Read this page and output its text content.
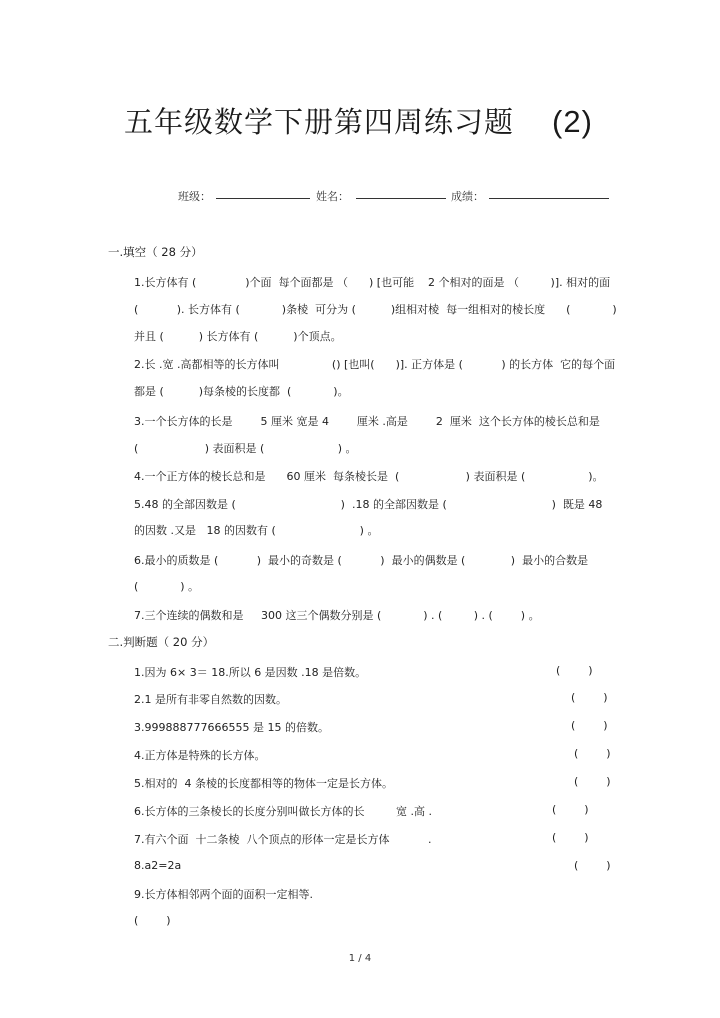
五年级数学下册第四周练习题 (2)
班级：	姓名：	成绩：
一.填空（ 28 分）
1.长方体有 (              )个面  每个面都是 （      ) [也可能    2 个相对的面是 （         )]. 相对的面
(           ). 长方体有 (            )条棱  可分为 (          )组相对棱  每一组相对的棱长度      (            )
并且 (          ) 长方体有 (          )个顶点。
2.长 .宽 .高都相等的长方体叫               () [也叫(      )]. 正方体是 (           ) 的长方体  它的每个面
都是 (          )每条棱的长度都  (            )。
3.一个长方体的长是        5 厘米 宽是 4        厘米 .高是        2  厘米  这个长方体的棱长总和是
(                   ) 表面积是 (                     ) 。
4.一个正方体的棱长总和是      60 厘米  每条棱长是  (                   ) 表面积是 (                  )。
5.48 的全部因数是 (                              )  .18 的全部因数是 (                              )  既是 48
的因数 .又是   18 的因数有 (                        ) 。
6.最小的质数是 (           )  最小的奇数是 (           )  最小的偶数是 (             )  最小的合数是
(            ) 。
7.三个连续的偶数和是     300 这三个偶数分别是 (            ) . (         ) . (        ) 。
二.判断题（ 20 分）
1.因为 6× 3＝ 18.所以 6 是因数 .18 是倍数。	(        )
2.1 是所有非零自然数的因数。	(        )
3.999888777666555 是 15 的倍数。	(        )
4.正方体是特殊的长方体。	(        )
5.相对的  4 条棱的长度都相等的物体一定是长方体。	(        )
6.长方体的三条棱长的长度分别叫做长方体的长         宽 .高 .	(        )
7.有六个面  十二条棱  八个顶点的形体一定是长方体           .	(        )
8.a2=2a	(        )
9.长方体相邻两个面的面积一定相等.
(        )
1 / 4
